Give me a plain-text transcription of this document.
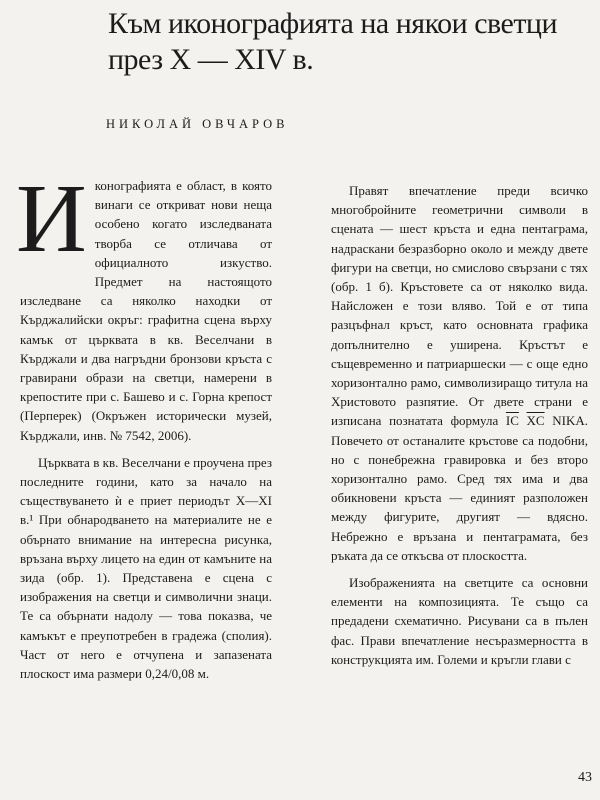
Към иконографията на някои светци
през X — XIV в.
НИКОЛАЙ ОВЧАРОВ

Иконографията е област, в която винаги се откриват нови неща особено когато изследваната творба се отличава от официалното изкуство. Предмет на настоящото изследване са няколко находки от Кърджалийски окръг: графитна сцена върху камък от църквата в кв. Веселчани в Кърджали и два нагръдни бронзови кръста с гравирани образи на светци, намерени в крепостите при с. Башево и с. Горна крепост (Перперек) (Окръжен исторически музей, Кърджали, инв. № 7542, 2006).

Църквата в кв. Веселчани е проучена през последните години, като за начало на съществуването ѝ е приет периодът X—XI в.¹ При обнародването на материалите не е обърнато внимание на интересна рисунка, връзана върху лицето на един от камъните на зида (обр. 1). Представена е сцена с изображения на светци и символични знаци. Те са обърнати надолу — това показва, че камъкът е преупотребен в градежа (сполия). Част от него е отчупена и запазената плоскост има размери 0,24/0,08 м.

Правят впечатление преди всичко многобройните геометрични символи в сцената — шест кръста и една пентаграма, надраскани безразборно около и между двете фигури на светци, но смислово свързани с тях (обр. 1 б). Кръстовете са от няколко вида. Найсложен е този вляво. Той е от типа разцъфнал кръст, като основната графика допълнително е уширена. Кръстът е същевременно и патриаршески — с още едно хоризонтално рамо, символизиращо титула на Христовото разпятие. От двете страни е изписана познатата формула $\overline{IC}$ $\overline{XC}$ NIKA. Повечето от останалите кръстове са подобни, но с понебрежна гравировка и без второ хоризонтално рамо. Сред тях има и два обикновени кръста — единият разположен между фигурите, другият — вдясно. Небрежно е връзана и пентаграмата, без ръката да се откъсва от плоскостта.

Изображенията на светците са основни елементи на композицията. Те също са предадени схематично. Рисувани са в пълен фас. Прави впечатление несъразмерността в конструкцията им. Големи и кръгли глави с

43
